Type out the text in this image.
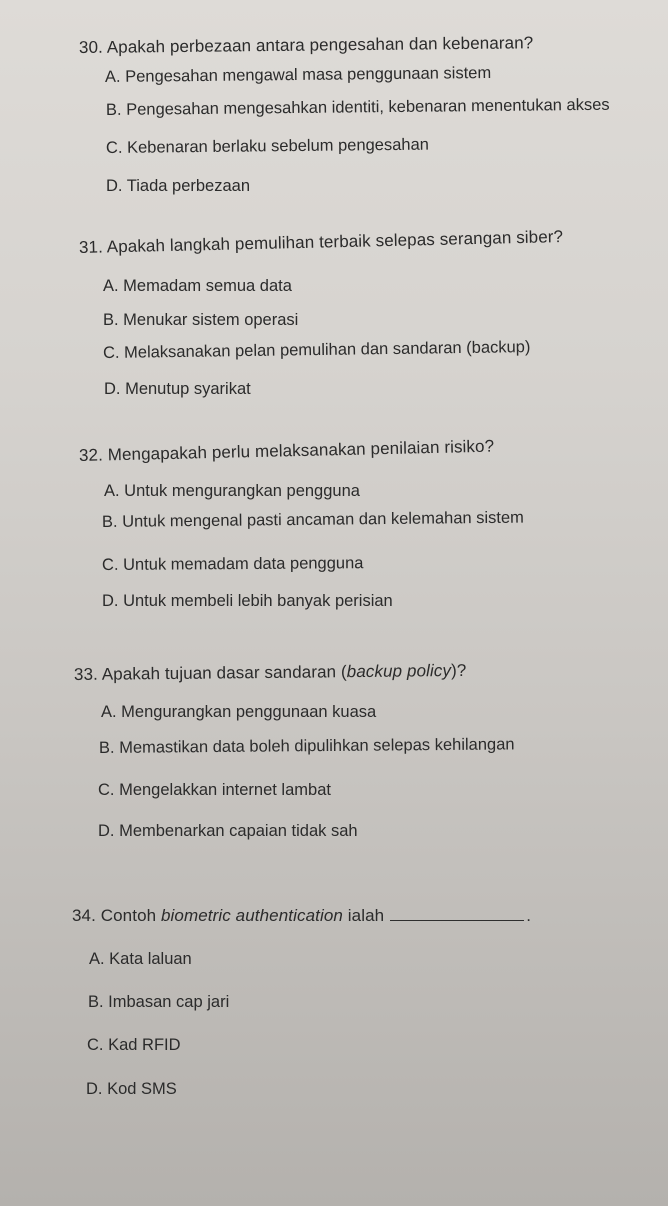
30. Apakah perbezaan antara pengesahan dan kebenaran?
A. Pengesahan mengawal masa penggunaan sistem
B. Pengesahan mengesahkan identiti, kebenaran menentukan akses
C. Kebenaran berlaku sebelum pengesahan
D. Tiada perbezaan
31. Apakah langkah pemulihan terbaik selepas serangan siber?
A. Memadam semua data
B. Menukar sistem operasi
C. Melaksanakan pelan pemulihan dan sandaran (backup)
D. Menutup syarikat
32. Mengapakah perlu melaksanakan penilaian risiko?
A. Untuk mengurangkan pengguna
B. Untuk mengenal pasti ancaman dan kelemahan sistem
C. Untuk memadam data pengguna
D. Untuk membeli lebih banyak perisian
33. Apakah tujuan dasar sandaran (backup policy)?
A. Mengurangkan penggunaan kuasa
B. Memastikan data boleh dipulihkan selepas kehilangan
C. Mengelakkan internet lambat
D. Membenarkan capaian tidak sah
34. Contoh biometric authentication ialah	.
A. Kata laluan
B. Imbasan cap jari
C. Kad RFID
D. Kod SMS
